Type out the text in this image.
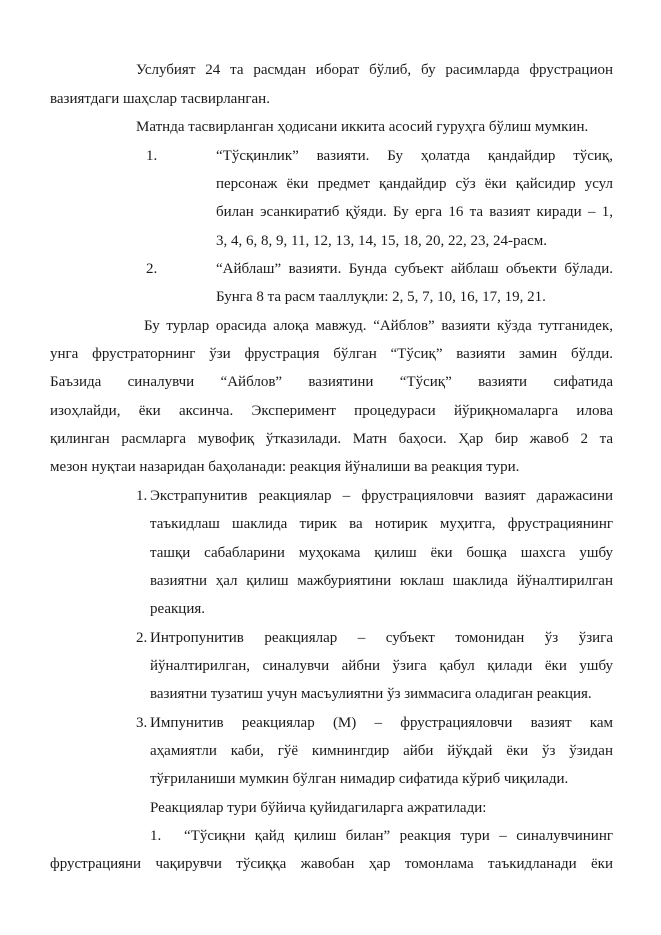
Услубият 24 та расмдан иборат бўлиб, бу расимларда фрустрацион
вазиятдаги шаҳслар тасвирланган.
Матнда тасвирланган ҳодисани иккита асосий гуруҳга бўлиш мумкин.
1.	“Тўсқинлик” вазияти. Бу ҳолатда қандайдир тўсиқ,
персонаж ёки предмет қандайдир сўз ёки қайсидир усул
билан эсанкиратиб қўяди. Бу ерга 16 та вазият киради – 1,
3, 4, 6, 8, 9, 11, 12, 13, 14, 15, 18, 20, 22, 23, 24-расм.
2.	“Айблаш” вазияти. Бунда субъект айблаш объекти бўлади.
Бунга 8 та расм тааллуқли: 2, 5, 7, 10, 16, 17, 19, 21.
Бу турлар орасида алоқа мавжуд. “Айблов” вазияти кўзда тутганидек,
унга фрустраторнинг ўзи фрустрация бўлган “Тўсиқ” вазияти замин бўлди.
Баъзида синалувчи “Айблов” вазиятини “Тўсиқ” вазияти сифатида
изоҳлайди, ёки аксинча. Эксперимент процедураси йўриқномаларга илова
қилинган расмларга мувофиқ ўтказилади. Матн баҳоси. Ҳар бир жавоб 2 та
мезон нуқтаи назаридан баҳоланади: реакция йўналиши ва реакция тури.
1. Экстрапунитив реакциялар – фрустрацияловчи вазият даражасини
таъкидлаш шаклида тирик ва нотирик муҳитга, фрустрациянинг
ташқи сабабларини муҳокама қилиш ёки бошқа шахсга ушбу
вазиятни ҳал қилиш мажбуриятини юклаш шаклида йўналтирилган
реакция.
2. Интропунитив реакциялар – субъект томонидан ўз ўзига
йўналтирилган, синалувчи айбни ўзига қабул қилади ёки ушбу
вазиятни тузатиш учун масъулиятни ўз зиммасига оладиган реакция.
3. Импунитив реакциялар (М) – фрустрацияловчи вазият кам
аҳамиятли каби, гўё кимнингдир айби йўқдай ёки ўз ўзидан
тўғриланиши мумкин бўлган нимадир сифатида кўриб чиқилади.
Реакциялар тури бўйича қуйидагиларга ажратилади:
1. “Тўсиқни қайд қилиш билан” реакция тури – синалувчининг
фрустрацияни чақирувчи тўсиққа жавобан ҳар томонлама таъкидланади ёки
